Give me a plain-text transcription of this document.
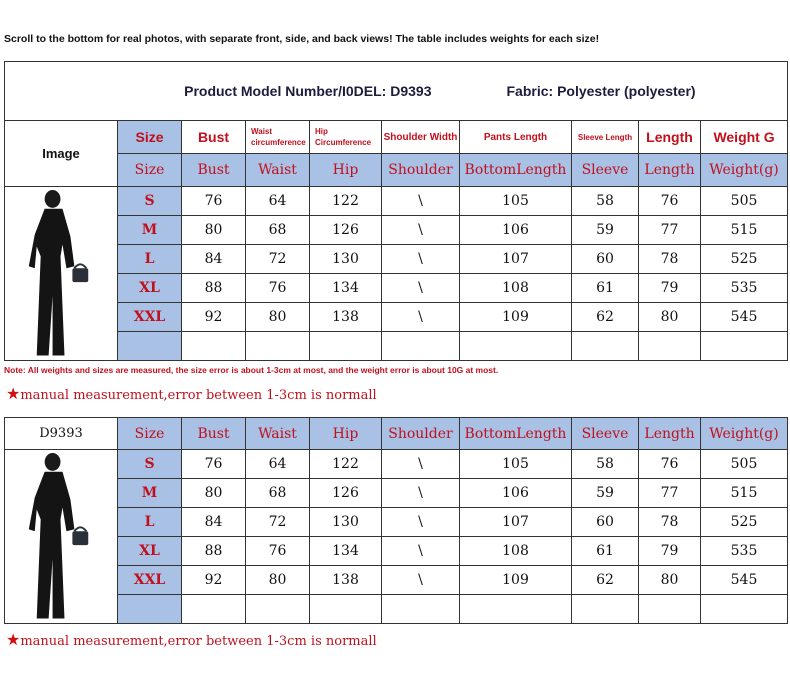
Scroll to the bottom for real photos, with separate front, side, and back views! The table includes weights for each size!
Product Model Number/I0DEL: D9393 Fabric: Polyester (polyester)									
Image	Size	Bust	Waist circumference	Hip Circumference	Shoulder Width	Pants Length	Sleeve Length	Length	Weight G
	Size	Bust	Waist	Hip	Shoulder	BottomLength	Sleeve	Length	Weight(g)

	S	76	64	122	\	105	58	76	505
	M	80	68	126	\	106	59	77	515
	L	84	72	130	\	107	60	78	525
	XL	88	76	134	\	108	61	79	535
	XXL	92	80	138	\	109	62	80	545

Note: All weights and sizes are measured, the size error is about 1-3cm at most, and the weight error is about 10G at most.
★manual measurement,error between 1-3cm is normall
D9393	Size	Bust	Waist	Hip	Shoulder	BottomLength	Sleeve	Length	Weight(g)

	S	76	64	122	\	105	58	76	505
	M	80	68	126	\	106	59	77	515
	L	84	72	130	\	107	60	78	525
	XL	88	76	134	\	108	61	79	535
	XXL	92	80	138	\	109	62	80	545

★manual measurement,error between 1-3cm is normall
